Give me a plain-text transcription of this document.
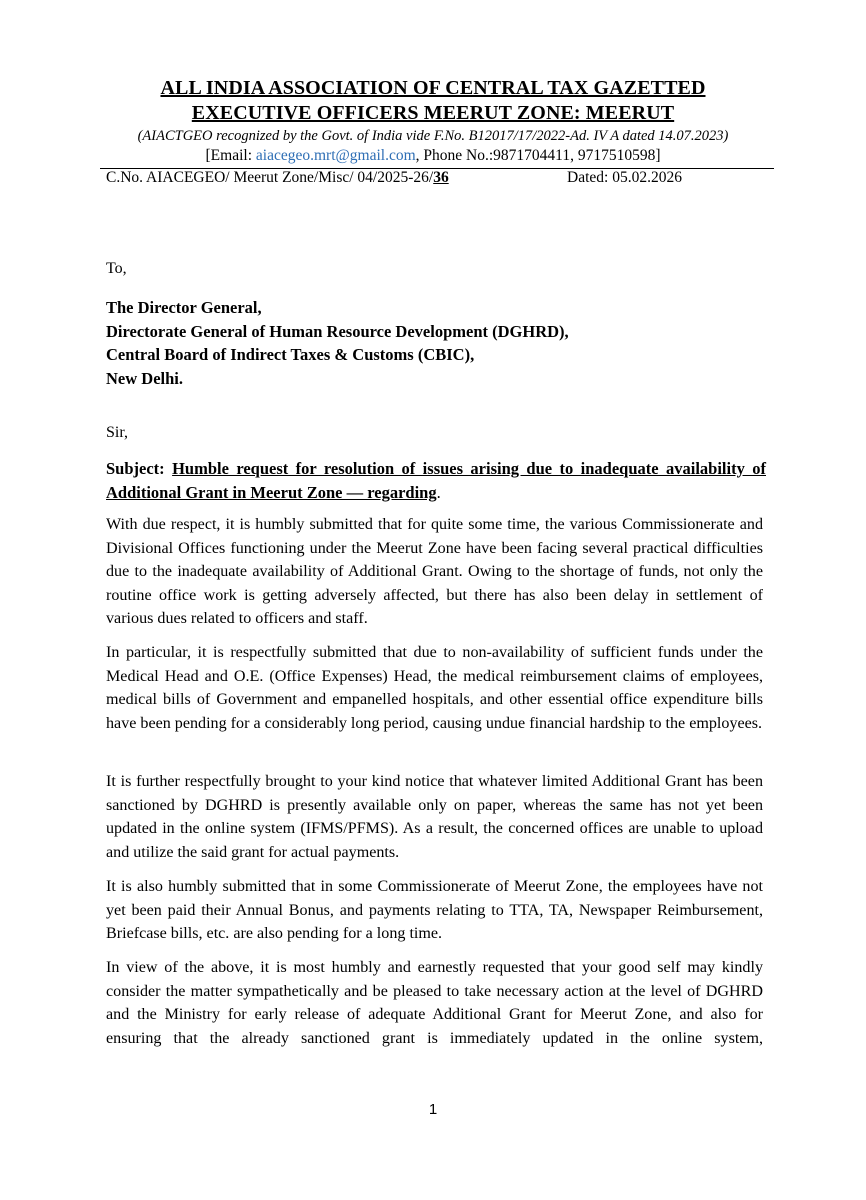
ALL INDIA ASSOCIATION OF CENTRAL TAX GAZETTED
EXECUTIVE OFFICERS MEERUT ZONE: MEERUT
(AIACTGEO recognized by the Govt. of India vide F.No. B12017/17/2022-Ad. IV A dated 14.07.2023)
[Email: aiacegeo.mrt@gmail.com, Phone No.:9871704411, 9717510598]
C.No. AIACEGEO/ Meerut Zone/Misc/ 04/2025-26/36	Dated: 05.02.2026
To,
The Director General,
Directorate General of Human Resource Development (DGHRD),
Central Board of Indirect Taxes & Customs (CBIC),
New Delhi.
Sir,
Subject: Humble request for resolution of issues arising due to inadequate availability of Additional Grant in Meerut Zone — regarding.
With due respect, it is humbly submitted that for quite some time, the various Commissionerate and Divisional Offices functioning under the Meerut Zone have been facing several practical difficulties due to the inadequate availability of Additional Grant. Owing to the shortage of funds, not only the routine office work is getting adversely affected, but there has also been delay in settlement of various dues related to officers and staff.
In particular, it is respectfully submitted that due to non-availability of sufficient funds under the Medical Head and O.E. (Office Expenses) Head, the medical reimbursement claims of employees, medical bills of Government and empanelled hospitals, and other essential office expenditure bills have been pending for a considerably long period, causing undue financial hardship to the employees.
It is further respectfully brought to your kind notice that whatever limited Additional Grant has been sanctioned by DGHRD is presently available only on paper, whereas the same has not yet been updated in the online system (IFMS/PFMS). As a result, the concerned offices are unable to upload and utilize the said grant for actual payments.
It is also humbly submitted that in some Commissionerate of Meerut Zone, the employees have not yet been paid their Annual Bonus, and payments relating to TTA, TA, Newspaper Reimbursement, Briefcase bills, etc. are also pending for a long time.
In view of the above, it is most humbly and earnestly requested that your good self may kindly consider the matter sympathetically and be pleased to take necessary action at the level of DGHRD and the Ministry for early release of adequate Additional Grant for Meerut Zone, and also for ensuring that the already sanctioned grant is immediately updated in the online system,
1
